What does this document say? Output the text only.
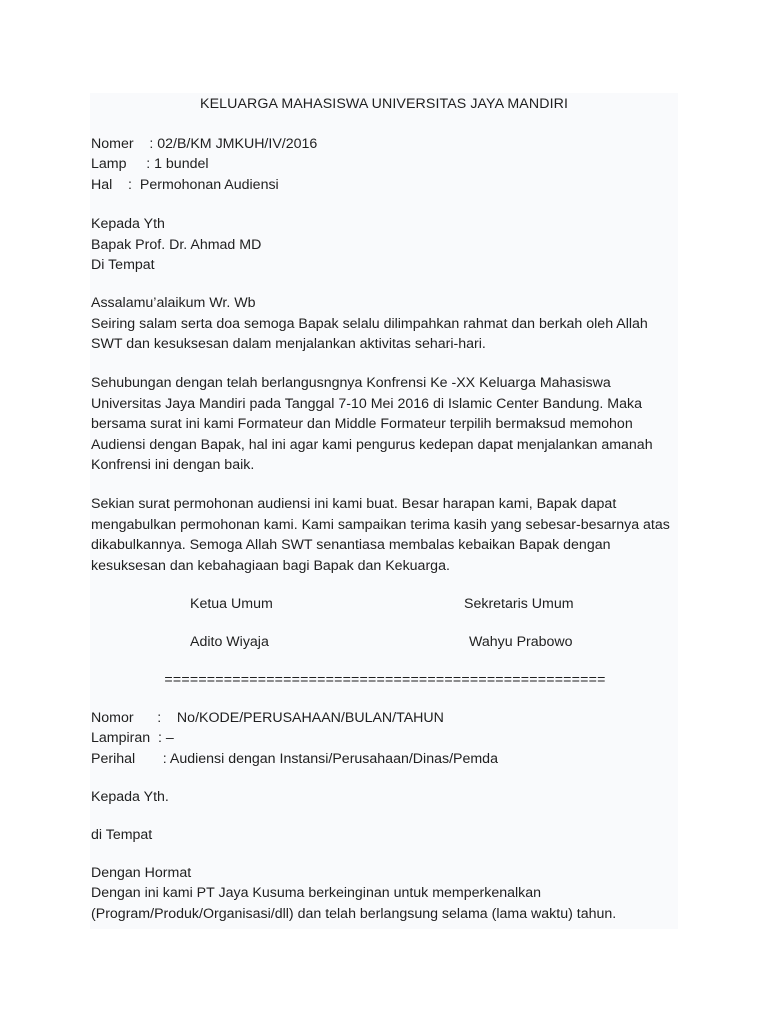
KELUARGA MAHASISWA UNIVERSITAS JAYA MANDIRI

Nomer    : 02/B/KM JMKUH/IV/2016

Lamp     : 1 bundel

Hal    :  Permohonan Audiensi

Kepada Yth

Bapak Prof. Dr. Ahmad MD

Di Tempat

Assalamu’alaikum Wr. Wb

Seiring salam serta doa semoga Bapak selalu dilimpahkan rahmat dan berkah oleh Allah SWT dan kesuksesan dalam menjalankan aktivitas sehari-hari.

Sehubungan dengan telah berlangusngnya Konfrensi Ke -XX Keluarga Mahasiswa Universitas Jaya Mandiri pada Tanggal 7-10 Mei 2016 di Islamic Center Bandung. Maka bersama surat ini kami Formateur dan Middle Formateur terpilih bermaksud memohon Audiensi dengan Bapak, hal ini agar kami pengurus kedepan dapat menjalankan amanah Konfrensi ini dengan baik.

Sekian surat permohonan audiensi ini kami buat. Besar harapan kami, Bapak dapat mengabulkan permohonan kami. Kami sampaikan terima kasih yang sebesar-besarnya atas dikabulkannya. Semoga Allah SWT senantiasa membalas kebaikan Bapak dengan kesuksesan dan kebahagiaan bagi Bapak dan Kekuarga.

Ketua Umum	Sekretaris Umum
Adito Wiyaja	Wahyu Prabowo

====================================================

Nomor      :    No/KODE/PERUSAHAAN/BULAN/TAHUN

Lampiran  : –

Perihal       : Audiensi dengan Instansi/Perusahaan/Dinas/Pemda

Kepada Yth.

di Tempat

Dengan Hormat

Dengan ini kami PT Jaya Kusuma berkeinginan untuk memperkenalkan (Program/Produk/Organisasi/dll) dan telah berlangsung selama (lama waktu) tahun.
